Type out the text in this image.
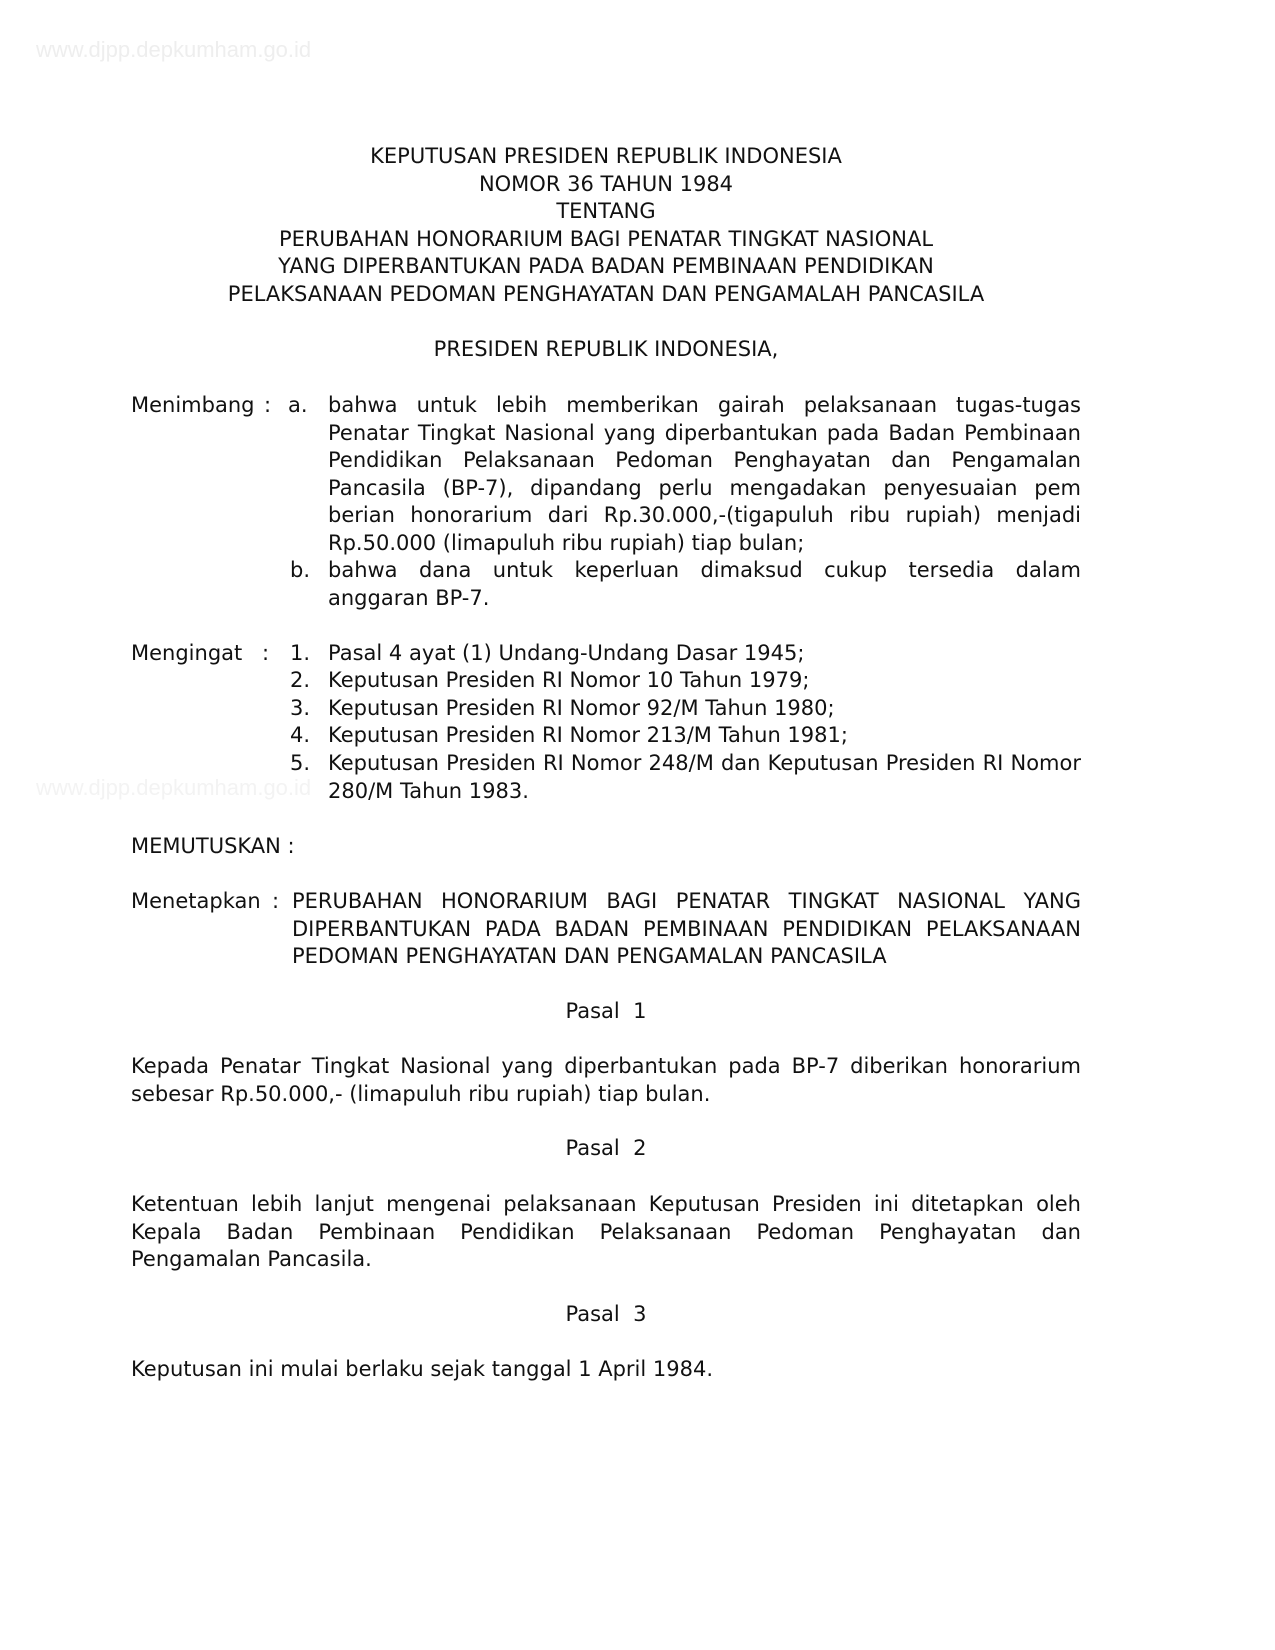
www.djpp.depkumham.go.id
www.djpp.depkumham.go.id
KEPUTUSAN PRESIDEN REPUBLIK INDONESIA
NOMOR 36 TAHUN 1984
TENTANG
PERUBAHAN HONORARIUM BAGI PENATAR TINGKAT NASIONAL
YANG DIPERBANTUKAN PADA BADAN PEMBINAAN PENDIDIKAN
PELAKSANAAN PEDOMAN PENGHAYATAN DAN PENGAMALAH PANCASILA
PRESIDEN REPUBLIK INDONESIA,
Menimbang : a. bahwa untuk lebih memberikan gairah pelaksanaan tugas-tugas Penatar Tingkat Nasional yang diperbantukan pada Badan Pembinaan Pendidikan Pelaksanaan Pedoman Penghayatan dan Pengamalan Pancasila (BP-7), dipandang perlu mengadakan penyesuaian pem berian honorarium dari Rp.30.000,-(tigapuluh ribu rupiah) menjadi Rp.50.000 (limapuluh ribu rupiah) tiap bulan;
b. bahwa dana untuk keperluan dimaksud cukup tersedia dalam anggaran BP-7.
Mengingat : 1. Pasal 4 ayat (1) Undang-Undang Dasar 1945;
2. Keputusan Presiden RI Nomor 10 Tahun 1979;
3. Keputusan Presiden RI Nomor 92/M Tahun 1980;
4. Keputusan Presiden RI Nomor 213/M Tahun 1981;
5. Keputusan Presiden RI Nomor 248/M dan Keputusan Presiden RI Nomor 280/M Tahun 1983.
MEMUTUSKAN :
Menetapkan : PERUBAHAN HONORARIUM BAGI PENATAR TINGKAT NASIONAL YANG DIPERBANTUKAN PADA BADAN PEMBINAAN PENDIDIKAN PELAKSANAAN PEDOMAN PENGHAYATAN DAN PENGAMALAN PANCASILA
Pasal  1
Kepada Penatar Tingkat Nasional yang diperbantukan pada BP-7 diberikan honorarium sebesar Rp.50.000,- (limapuluh ribu rupiah) tiap bulan.
Pasal  2
Ketentuan lebih lanjut mengenai pelaksanaan Keputusan Presiden ini ditetapkan oleh Kepala Badan Pembinaan Pendidikan Pelaksanaan Pedoman Penghayatan dan Pengamalan Pancasila.
Pasal  3
Keputusan ini mulai berlaku sejak tanggal 1 April 1984.
